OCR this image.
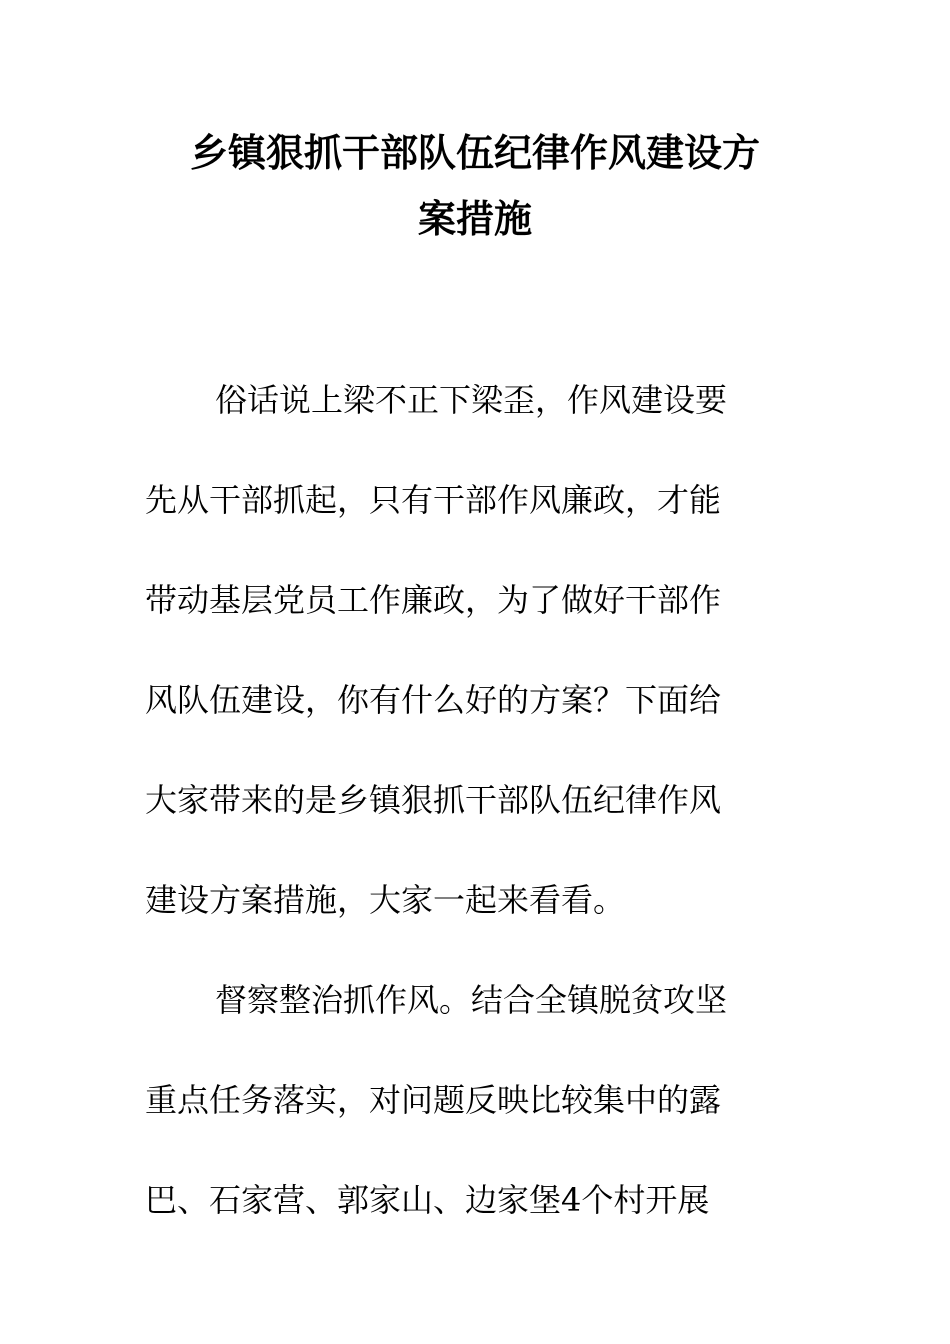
乡镇狠抓干部队伍纪律作风建设方
案措施
俗话说上梁不正下梁歪，作风建设要
先从干部抓起，只有干部作风廉政，才能
带动基层党员工作廉政，为了做好干部作
风队伍建设，你有什么好的方案？下面给
大家带来的是乡镇狠抓干部队伍纪律作风
建设方案措施，大家一起来看看。
督察整治抓作风。结合全镇脱贫攻坚
重点任务落实，对问题反映比较集中的露
巴、石家营、郭家山、边家堡4个村开展
